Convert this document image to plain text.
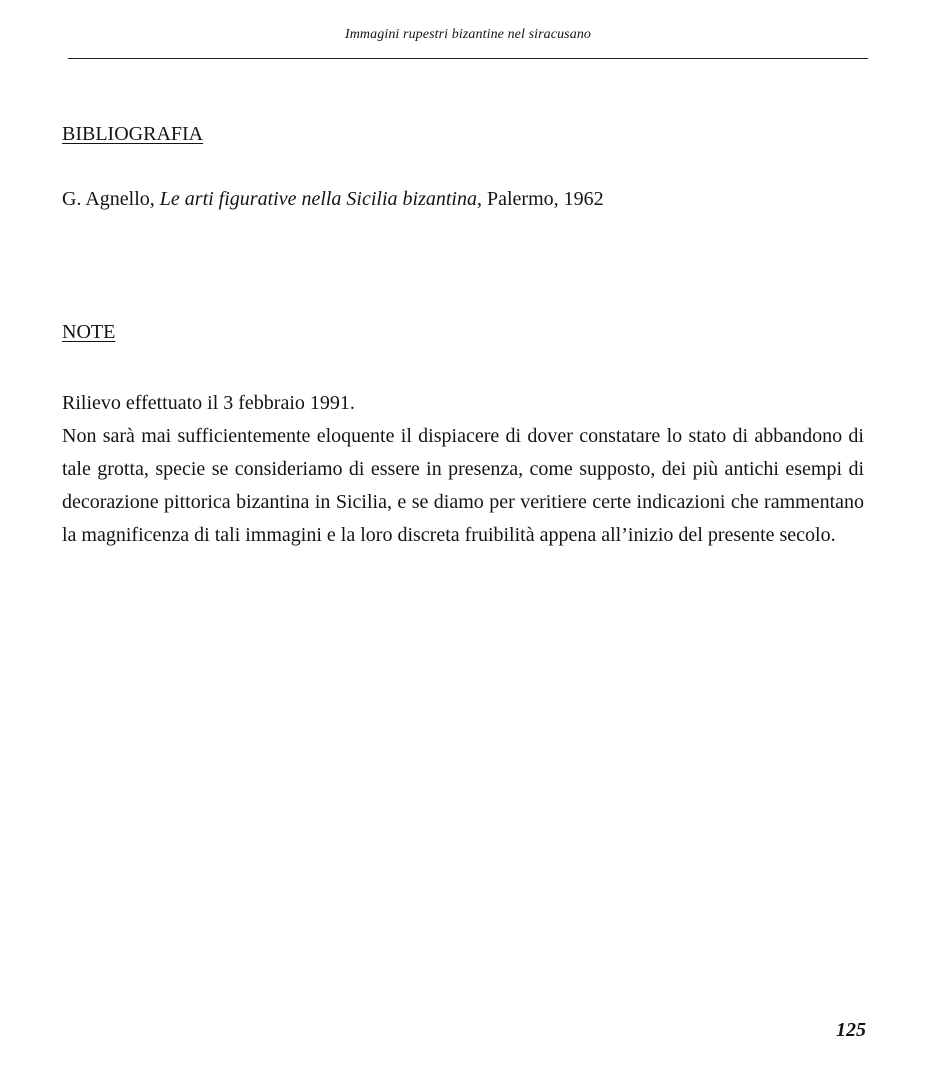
Immagini rupestri bizantine nel siracusano
BIBLIOGRAFIA
G. Agnello, Le arti figurative nella Sicilia bizantina, Palermo, 1962
NOTE

Rilievo effettuato il 3 febbraio 1991.

Non sarà mai sufficientemente eloquente il dispiacere di dover constatare lo stato di abbandono di tale grotta, specie se consideriamo di essere in presenza, come supposto, dei più antichi esempi di decorazione pittorica bizantina in Sicilia, e se diamo per veritiere certe indicazioni che rammentano la magnificenza di tali immagini e la loro discreta fruibilità appena all’inizio del presente secolo.

125
